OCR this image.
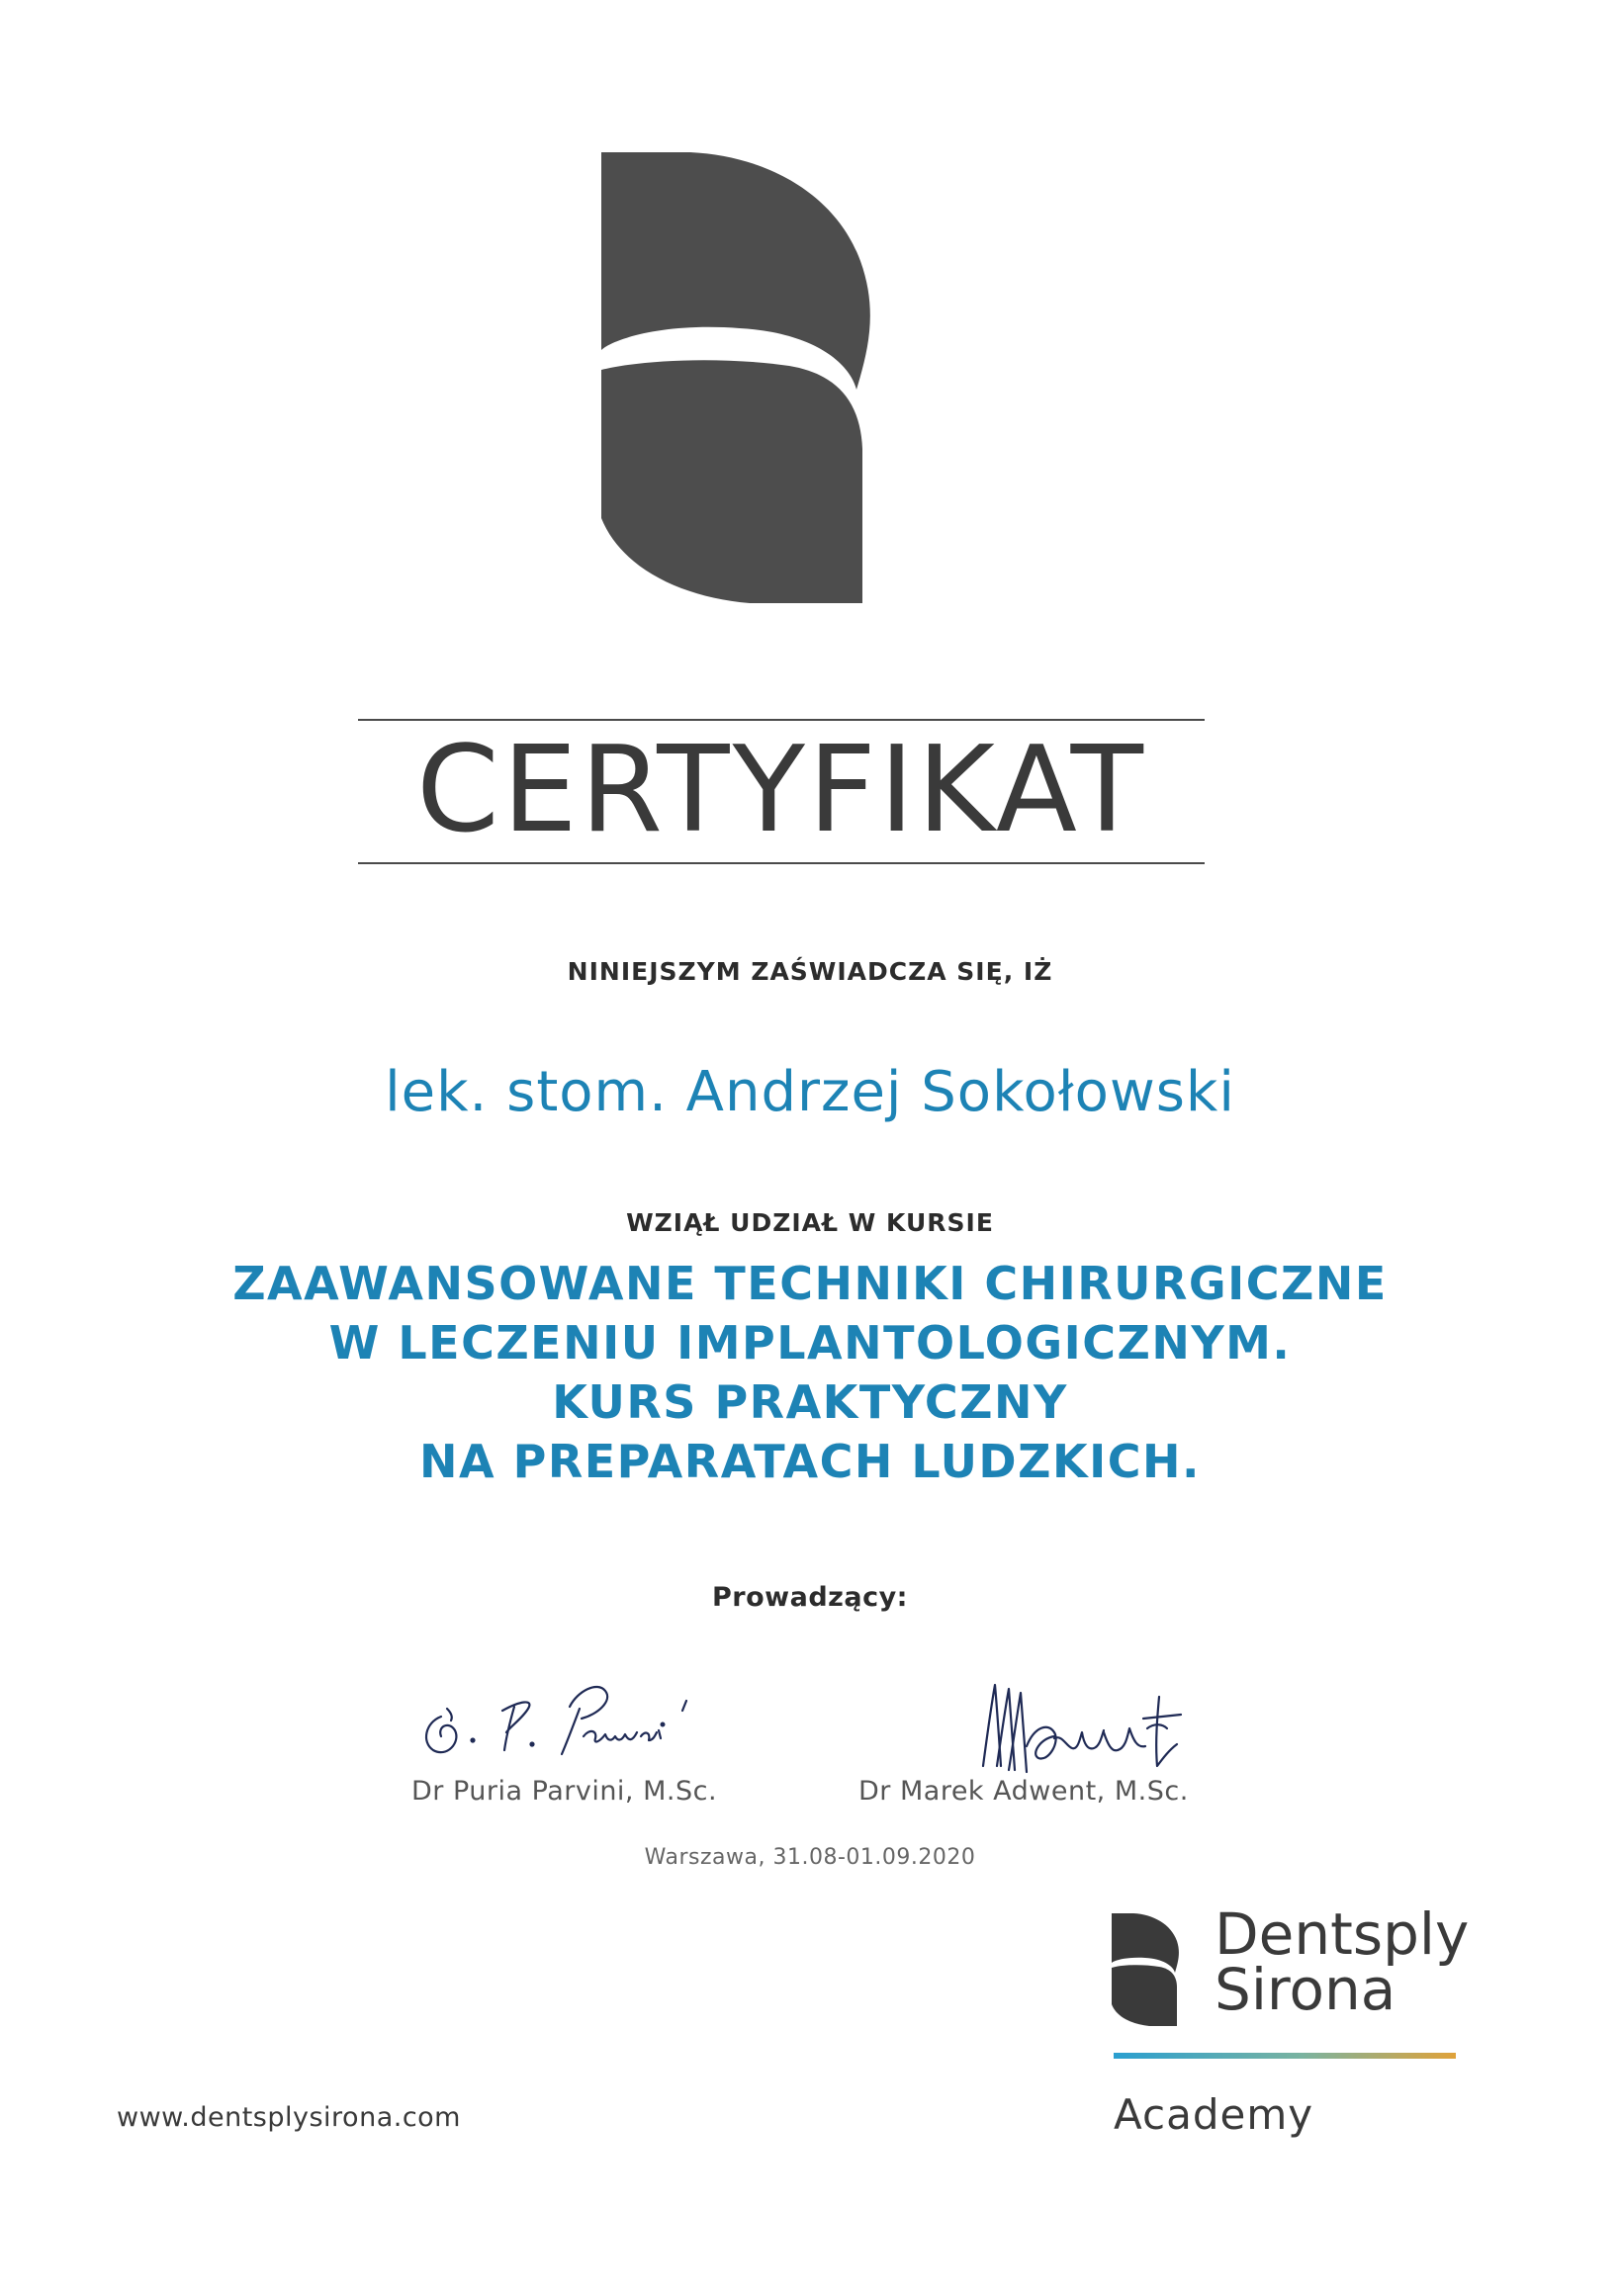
CERTYFIKAT
NINIEJSZYM ZAŚWIADCZA SIĘ, IŻ
lek. stom. Andrzej Sokołowski
WZIĄŁ UDZIAŁ W KURSIE
ZAAWANSOWANE TECHNIKI CHIRURGICZNE
W LECZENIU IMPLANTOLOGICZNYM.
KURS PRAKTYCZNY
NA PREPARATACH LUDZKICH.
Prowadzący:
Dr Puria Parvini, M.Sc.	Dr Marek Adwent, M.Sc.
Warszawa, 31.08-01.09.2020
Dentsply
Sirona
Academy
www.dentsplysirona.com
